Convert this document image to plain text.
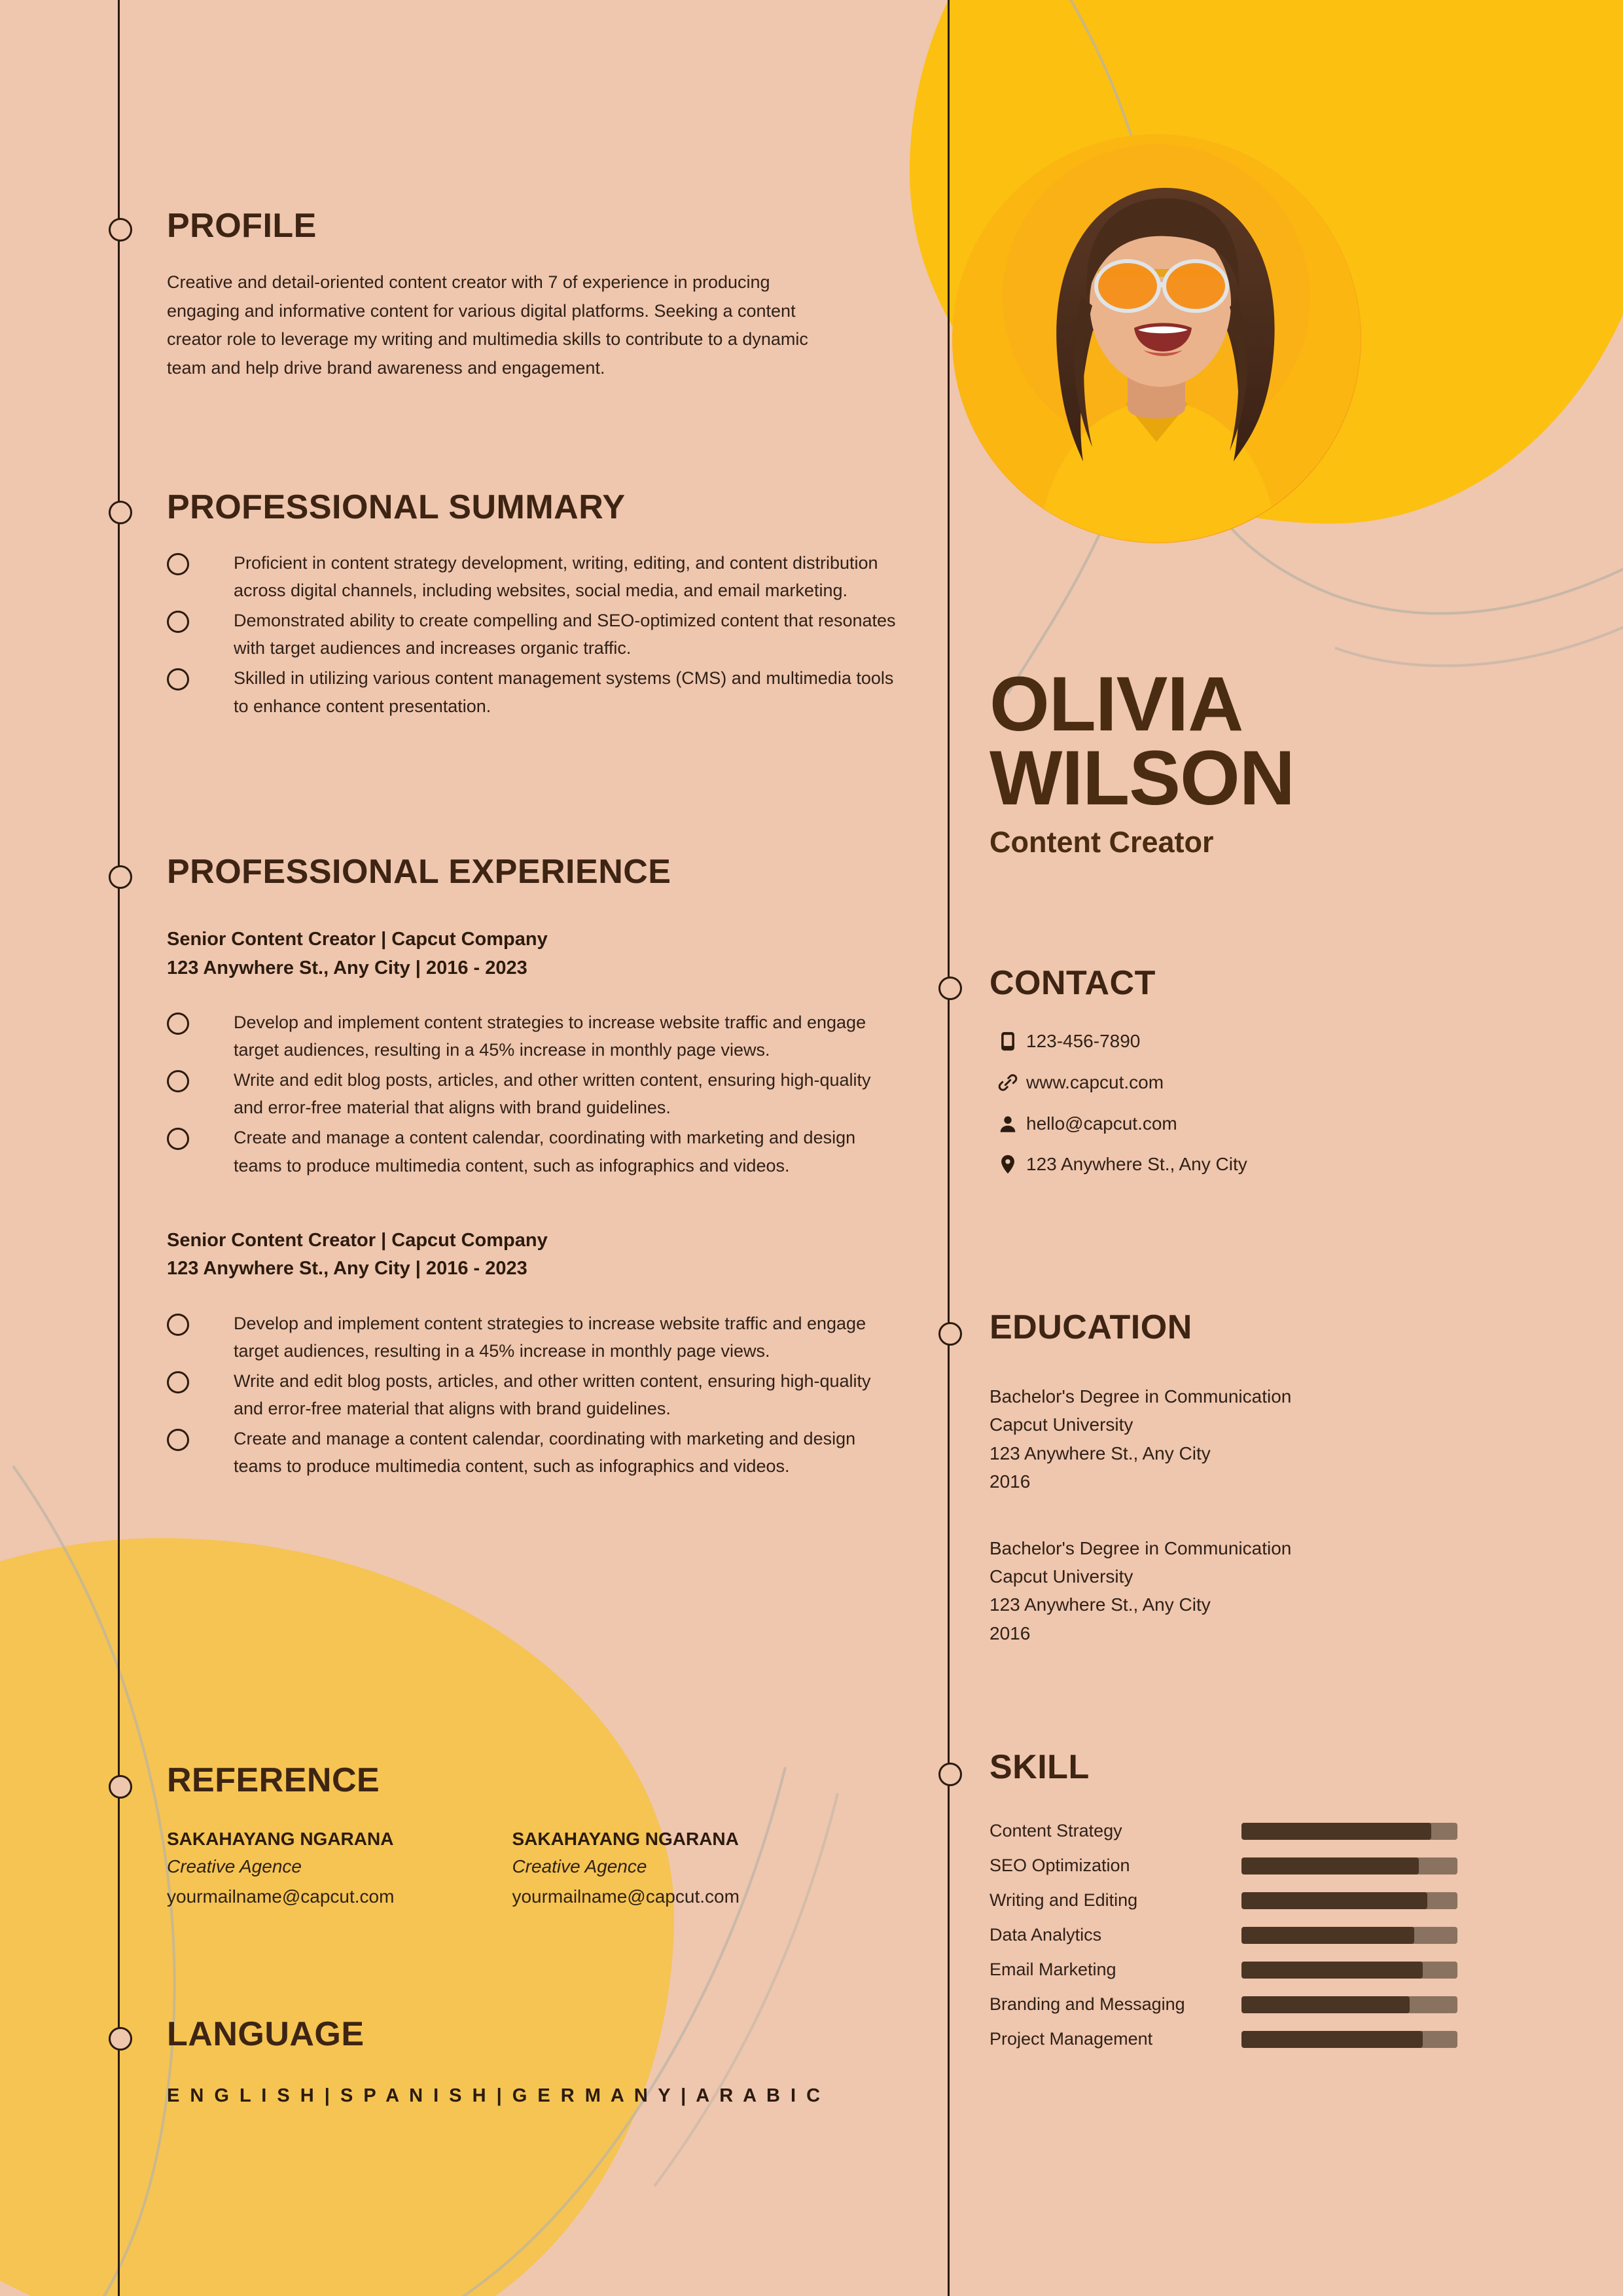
PROFILE

Creative and detail-oriented content creator with 7 of experience in producing engaging and informative content for various digital platforms. Seeking a content creator role to leverage my writing and multimedia skills to contribute to a dynamic team and help drive brand awareness and engagement.

PROFESSIONAL SUMMARY
Proficient in content strategy development, writing, editing, and content distribution across digital channels, including websites, social media, and email marketing.
Demonstrated ability to create compelling and SEO-optimized content that resonates with target audiences and increases organic traffic.
Skilled in utilizing various content management systems (CMS) and multimedia tools to enhance content presentation.
PROFESSIONAL EXPERIENCE

Senior Content Creator | Capcut Company

123 Anywhere St., Any City | 2016 - 2023

Develop and implement content strategies to increase website traffic and engage target audiences, resulting in a 45% increase in monthly page views.
Write and edit blog posts, articles, and other written content, ensuring high-quality and error-free material that aligns with brand guidelines.
Create and manage a content calendar, coordinating with marketing and design teams to produce multimedia content, such as infographics and videos.

Senior Content Creator | Capcut Company

123 Anywhere St., Any City | 2016 - 2023

Develop and implement content strategies to increase website traffic and engage target audiences, resulting in a 45% increase in monthly page views.
Write and edit blog posts, articles, and other written content, ensuring high-quality and error-free material that aligns with brand guidelines.
Create and manage a content calendar, coordinating with marketing and design teams to produce multimedia content, such as infographics and videos.
REFERENCE

SAKAHAYANG NGARANA

Creative Agence

yourmailname@capcut.com

SAKAHAYANG NGARANA

Creative Agence

yourmailname@capcut.com

LANGUAGE

E N G L I S H | S P A N I S H | G E R M A N Y | A R A B I C

OLIVIA
WILSON

Content Creator

CONTACT
123-456-7890
www.capcut.com
hello@capcut.com
123 Anywhere St., Any City
EDUCATION
Bachelor's Degree in Communication
Capcut University
123 Anywhere St., Any City
2016
Bachelor's Degree in Communication
Capcut University
123 Anywhere St., Any City
2016
SKILL
Content Strategy
SEO Optimization
Writing and Editing
Data Analytics
Email Marketing
Branding and Messaging
Project Management
